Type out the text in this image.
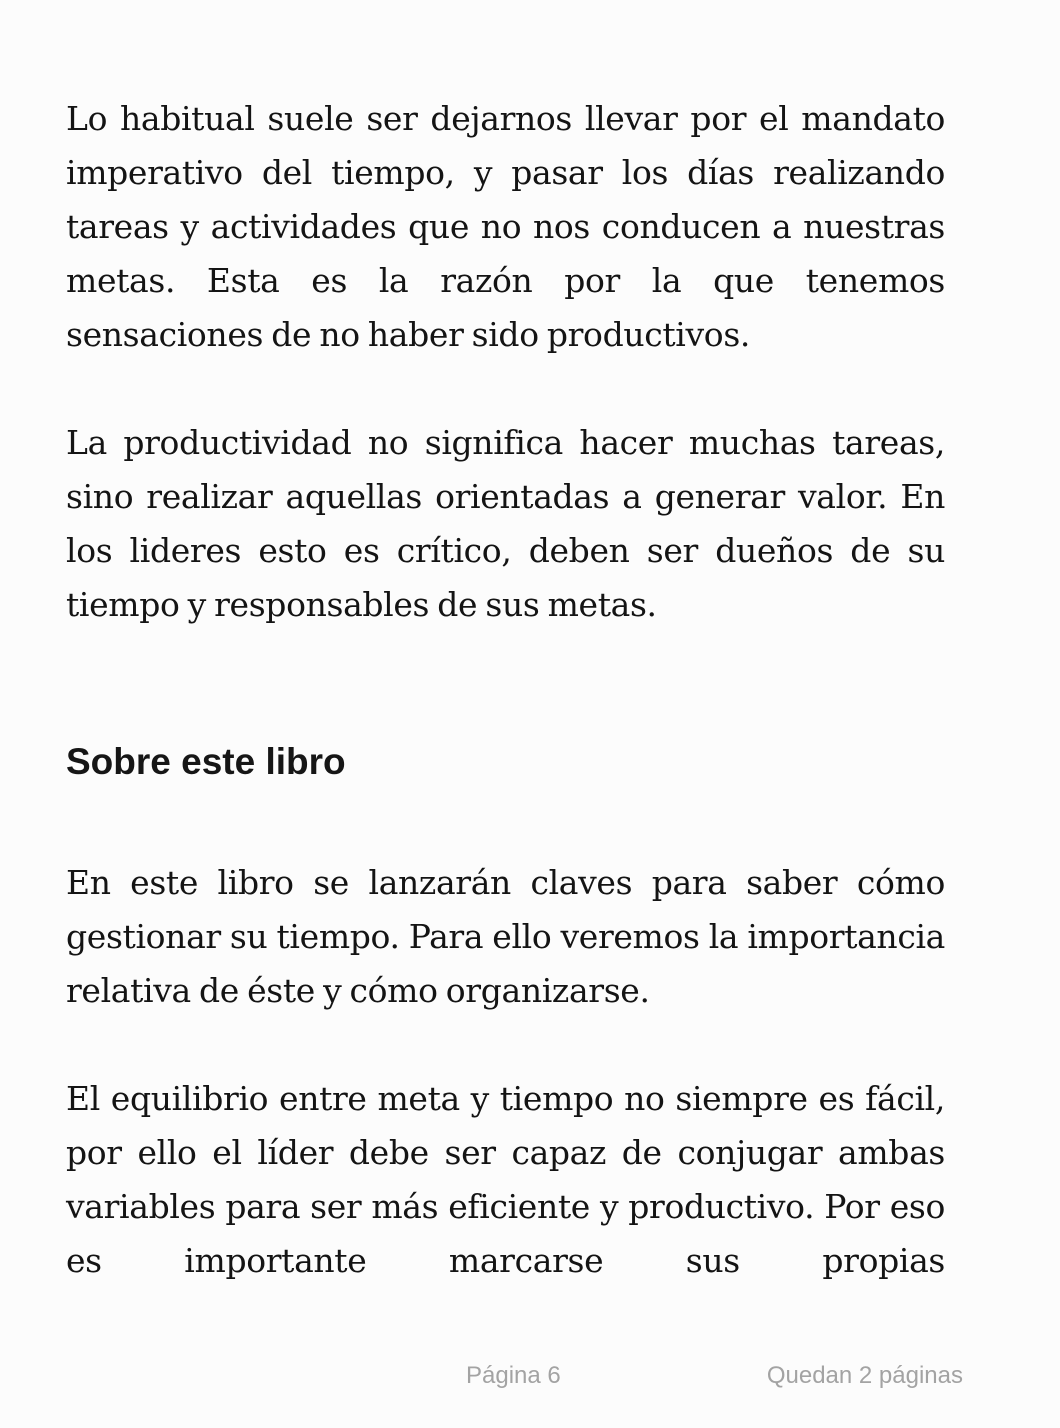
Lo habitual suele ser dejarnos llevar por el mandato imperativo del tiempo, y pasar los días realizando tareas y actividades que no nos conducen a nuestras metas. Esta es la razón por la que tenemos sensaciones de no haber sido productivos.

La productividad no significa hacer muchas tareas, sino realizar aquellas orientadas a generar valor. En los lideres esto es crítico, deben ser dueños de su tiempo y responsables de sus metas.

Sobre este libro

En este libro se lanzarán claves para saber cómo gestionar su tiempo. Para ello veremos la importancia relativa de éste y cómo organizarse.

El equilibrio entre meta y tiempo no siempre es fácil, por ello el líder debe ser capaz de conjugar ambas variables para ser más eficiente y productivo. Por eso es importante marcarse sus propias

Página 6	Quedan 2 páginas
